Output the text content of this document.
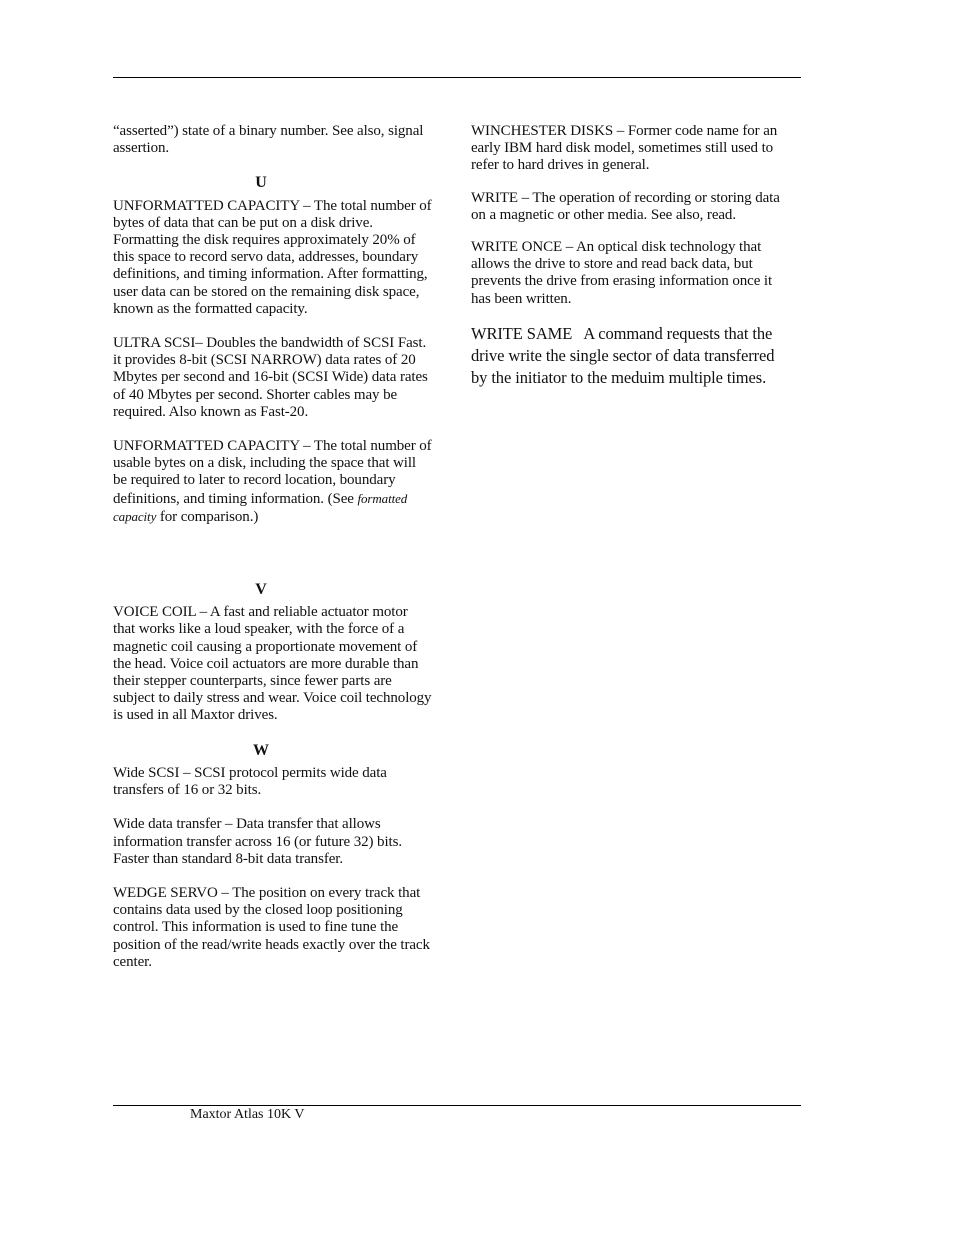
“asserted”) state of a binary number. See also, signal assertion.

U

UNFORMATTED CAPACITY – The total number of bytes of data that can be put on a disk drive. Formatting the disk requires approximately 20% of this space to record servo data, addresses, boundary definitions, and timing information. After formatting, user data can be stored on the remaining disk space, known as the formatted capacity.

ULTRA SCSI– Doubles the bandwidth of SCSI Fast. it provides 8-bit (SCSI NARROW) data rates of 20 Mbytes per second and 16-bit (SCSI Wide) data rates of 40 Mbytes per second. Shorter cables may be required. Also known as Fast-20.

UNFORMATTED CAPACITY – The total number of usable bytes on a disk, including the space that will be required to later to record location, boundary definitions, and timing information. (See formatted capacity for comparison.)

V

VOICE COIL – A fast and reliable actuator motor that works like a loud speaker, with the force of a magnetic coil causing a proportionate movement of the head. Voice coil actuators are more durable than their stepper counterparts, since fewer parts are subject to daily stress and wear. Voice coil technology is used in all Maxtor drives.

W

Wide SCSI – SCSI protocol permits wide data transfers of 16 or 32 bits.

Wide data transfer – Data transfer that allows information transfer across 16 (or future 32) bits. Faster than standard 8-bit data transfer.

WEDGE SERVO – The position on every track that contains data used by the closed loop positioning control. This information is used to fine tune the position of the read/write heads exactly over the track center.

WINCHESTER DISKS – Former code name for an early IBM hard disk model, sometimes still used to refer to hard drives in general.

WRITE – The operation of recording or storing data on a magnetic or other media. See also, read.

WRITE ONCE – An optical disk technology that allows the drive to store and read back data, but prevents the drive from erasing information once it has been written.

WRITE SAME   A command requests that the drive write the single sector of data transferred by the initiator to the meduim multiple times.

Maxtor Atlas 10K V
